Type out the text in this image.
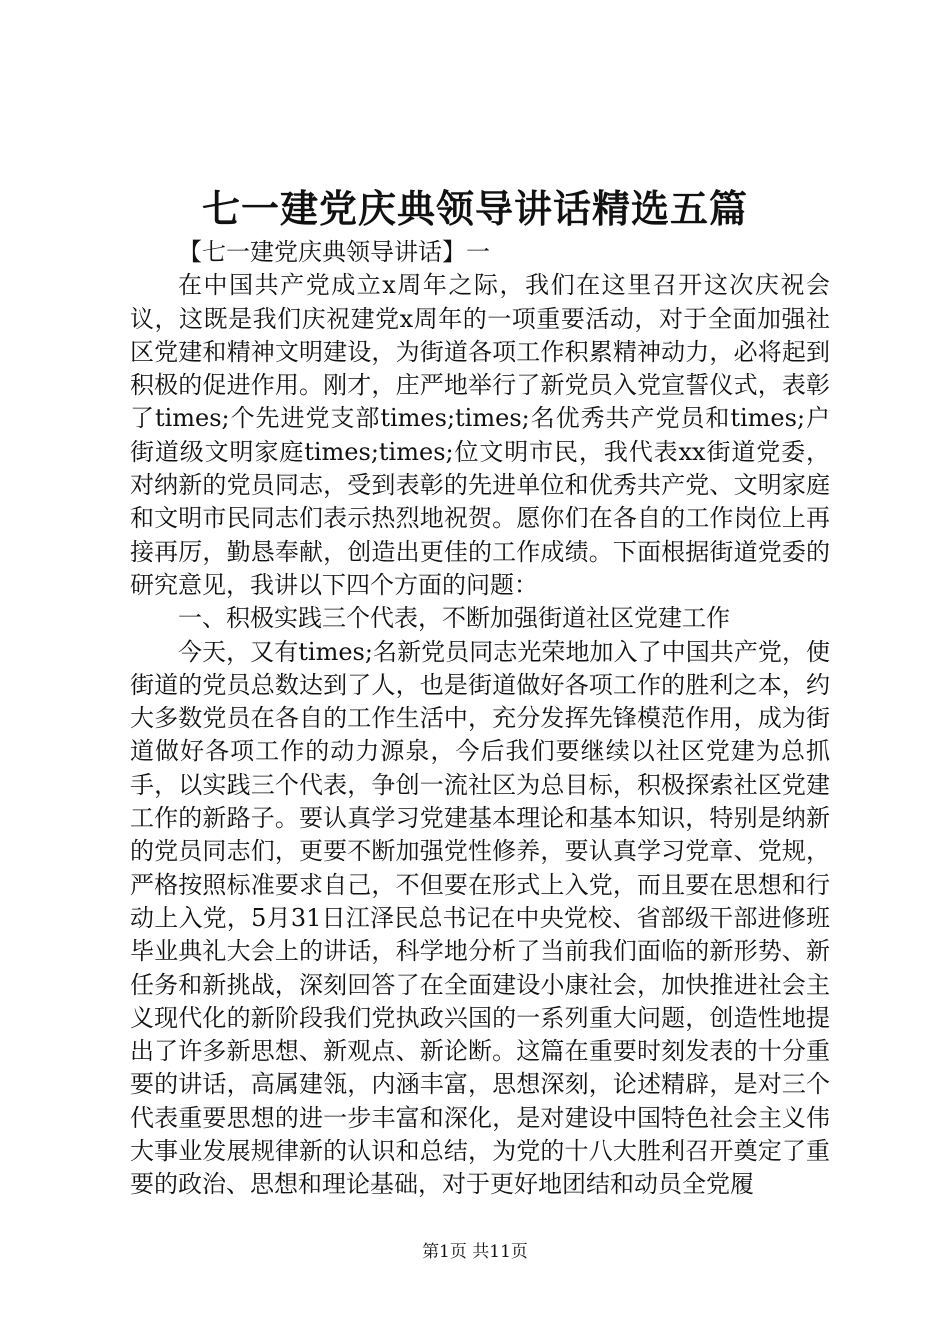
七一建党庆典领导讲话精选五篇

【七一建党庆典领导讲话】一

在中国共产党成立x周年之际，我们在这里召开这次庆祝会议，这既是我们庆祝建党x周年的一项重要活动，对于全面加强社区党建和精神文明建设，为街道各项工作积累精神动力，必将起到积极的促进作用。刚才，庄严地举行了新党员入党宣誓仪式，表彰了times;个先进党支部times;times;名优秀共产党员和times;户街道级文明家庭times;times;位文明市民，我代表xx街道党委，对纳新的党员同志，受到表彰的先进单位和优秀共产党、文明家庭和文明市民同志们表示热烈地祝贺。愿你们在各自的工作岗位上再接再厉，勤恳奉献，创造出更佳的工作成绩。下面根据街道党委的研究意见，我讲以下四个方面的问题：

一、积极实践三个代表，不断加强街道社区党建工作

今天，又有times;名新党员同志光荣地加入了中国共产党，使街道的党员总数达到了人，也是街道做好各项工作的胜利之本，约大多数党员在各自的工作生活中，充分发挥先锋模范作用，成为街道做好各项工作的动力源泉，今后我们要继续以社区党建为总抓手，以实践三个代表，争创一流社区为总目标，积极探索社区党建工作的新路子。要认真学习党建基本理论和基本知识，特别是纳新的党员同志们，更要不断加强党性修养，要认真学习党章、党规，严格按照标准要求自己，不但要在形式上入党，而且要在思想和行动上入党，5月31日江泽民总书记在中央党校、省部级干部进修班毕业典礼大会上的讲话，科学地分析了当前我们面临的新形势、新任务和新挑战，深刻回答了在全面建设小康社会，加快推进社会主义现代化的新阶段我们党执政兴国的一系列重大问题，创造性地提出了许多新思想、新观点、新论断。这篇在重要时刻发表的十分重要的讲话，高属建瓴，内涵丰富，思想深刻，论述精辟，是对三个代表重要思想的进一步丰富和深化，是对建设中国特色社会主义伟大事业发展规律新的认识和总结，为党的十八大胜利召开奠定了重要的政治、思想和理论基础，对于更好地团结和动员全党履

第1页 共11页
